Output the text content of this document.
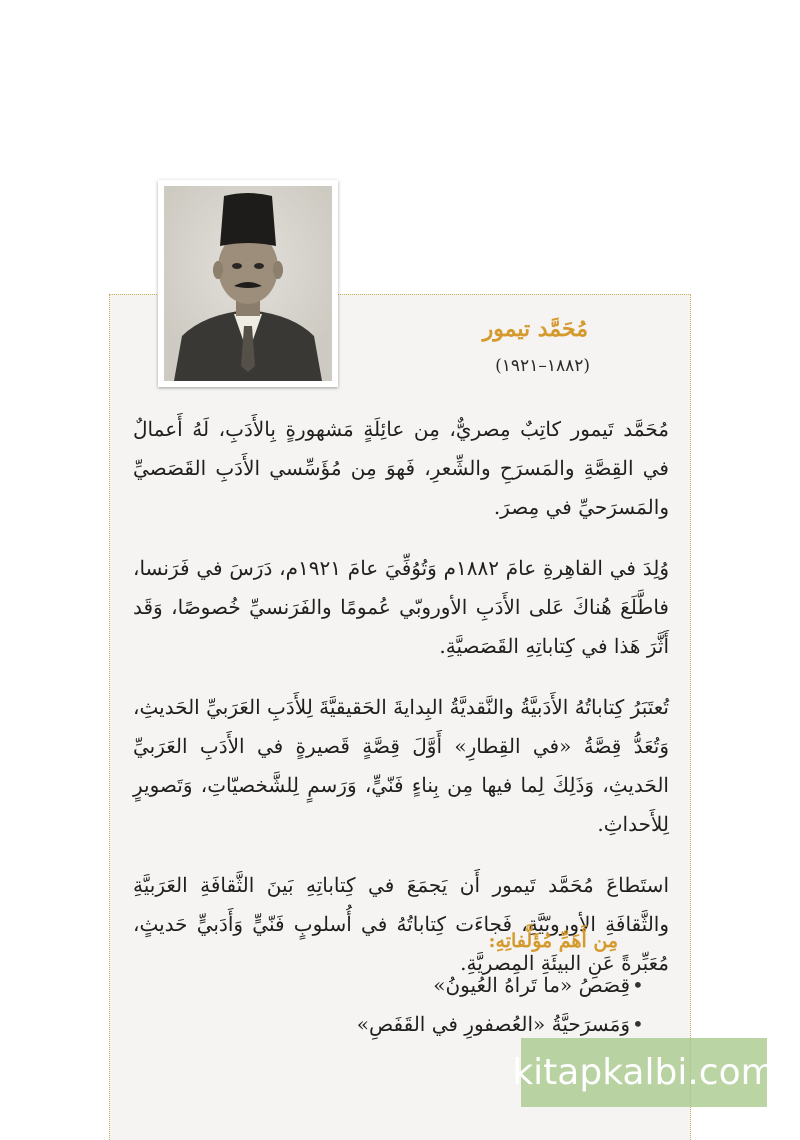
مُحَمَّد تيمور
(١٨٨٢–١٩٢١)

مُحَمَّد تَيمور كاتِبٌ مِصريٌّ، مِن عائِلَةٍ مَشهورةٍ بِالأَدَبِ، لَهُ أَعمالٌ في القِصَّةِ والمَسرَحِ والشِّعرِ، فَهوَ مِن مُؤَسِّسي الأَدَبِ القَصَصيِّ والمَسرَحيِّ في مِصرَ.

وُلِدَ في القاهِرةِ عامَ ١٨٨٢م وَتُوُفِّيَ عامَ ١٩٢١م، دَرَسَ في فَرَنسا، فاطَّلَعَ هُناكَ عَلى الأَدَبِ الأوروبّي عُمومًا والفَرَنسيِّ خُصوصًا، وَقَد أَثَّرَ هَذا في كِتاباتِهِ القَصَصيَّةِ.

تُعتَبَرُ كِتاباتُهُ الأَدَبيَّةُ والنَّقديَّةُ البِدايةَ الحَقيقيَّةَ لِلأَدَبِ العَرَبيِّ الحَديثِ، وَتُعَدُّ قِصَّةُ «في القِطارِ» أَوَّلَ قِصَّةٍ قَصيرةٍ في الأَدَبِ العَرَبيِّ الحَديثِ، وَذَلِكَ لِما فيها مِن بِناءٍ فَنّيٍّ، وَرَسمٍ لِلشَّخصيّاتِ، وَتَصويرٍ لِلأَحداثِ.

استَطاعَ مُحَمَّد تَيمور أَن يَجمَعَ في كِتاباتِهِ بَينَ الثَّقافَةِ العَرَبيَّةِ والثَّقافَةِ الأوروبّيَّةِ، فَجاءَت كِتاباتُهُ في أُسلوبٍ فَنّيٍّ وَأَدَبيٍّ حَديثٍ، مُعَبِّرةً عَنِ البيئَةِ المِصريَّةِ.

مِن أَهَمِّ مُؤَلَّفاتِهِ:
•
قِصَصُ «ما تَراهُ العُيونُ»
•
وَمَسرَحيَّةُ «العُصفورِ في القَفَصِ»
kitapkalbi.com
